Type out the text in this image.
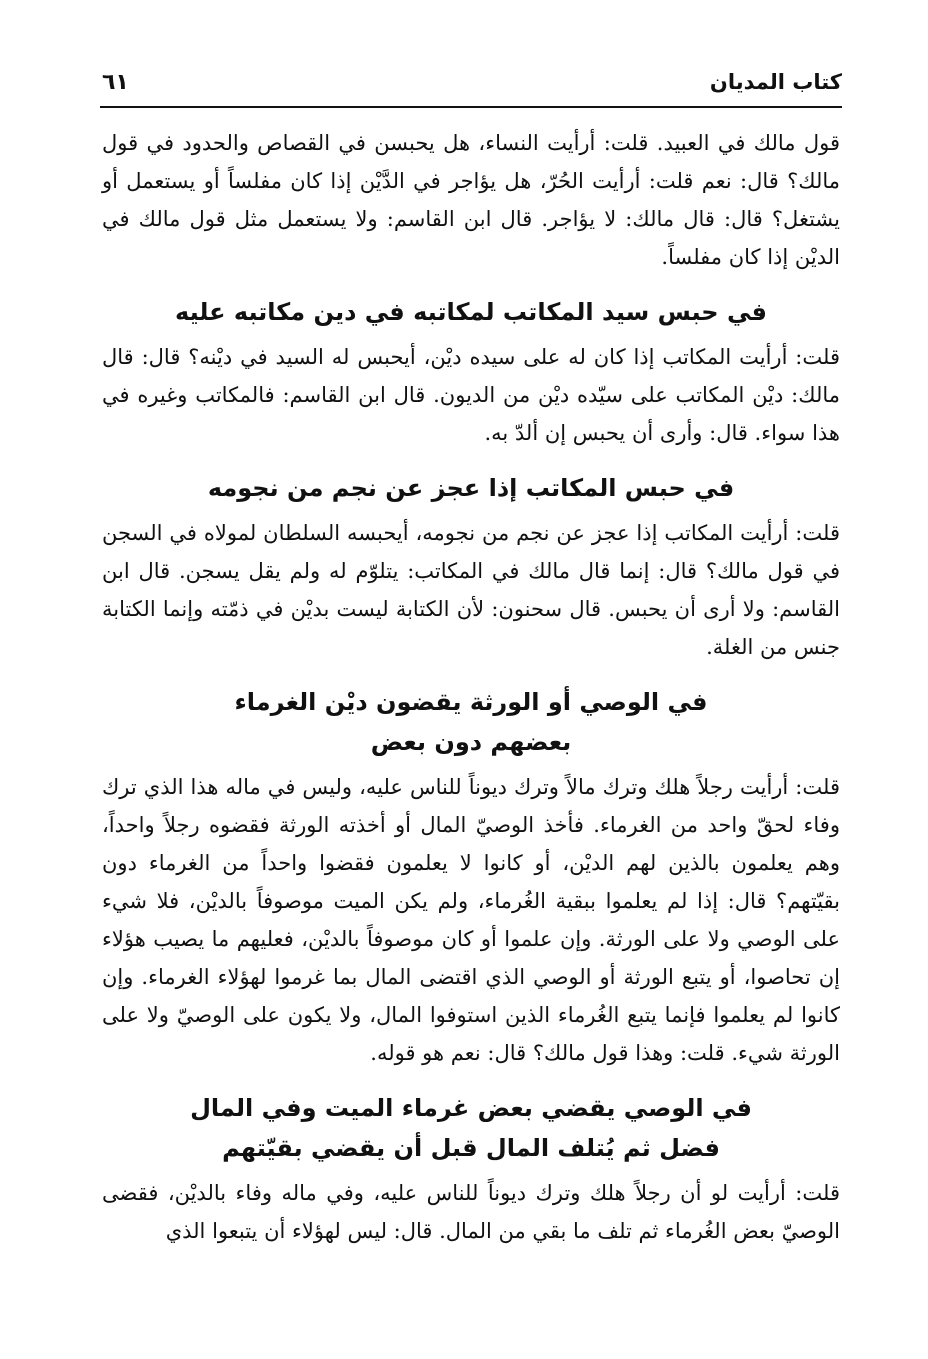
كتاب المديان
٦١

قول مالك في العبيد. قلت: أرأيت النساء، هل يحبسن في القصاص والحدود في قول مالك؟ قال: نعم قلت: أرأيت الحُرّ، هل يؤاجر في الدَّيْن إذا كان مفلساً أو يستعمل أو يشتغل؟ قال: قال مالك: لا يؤاجر. قال ابن القاسم: ولا يستعمل مثل قول مالك في الديْن إذا كان مفلساً.

في حبس سيد المكاتب لمكاتبه في دين مكاتبه عليه

قلت: أرأيت المكاتب إذا كان له على سيده ديْن، أيحبس له السيد في ديْنه؟ قال: قال مالك: ديْن المكاتب على سيّده ديْن من الديون. قال ابن القاسم: فالمكاتب وغيره في هذا سواء. قال: وأرى أن يحبس إن ألدّ به.

في حبس المكاتب إذا عجز عن نجم من نجومه

قلت: أرأيت المكاتب إذا عجز عن نجم من نجومه، أيحبسه السلطان لمولاه في السجن في قول مالك؟ قال: إنما قال مالك في المكاتب: يتلوّم له ولم يقل يسجن. قال ابن القاسم: ولا أرى أن يحبس. قال سحنون: لأن الكتابة ليست بديْن في ذمّته وإنما الكتابة جنس من الغلة.

في الوصي أو الورثة يقضون ديْن الغرماء
بعضهم دون بعض

قلت: أرأيت رجلاً هلك وترك مالاً وترك ديوناً للناس عليه، وليس في ماله هذا الذي ترك وفاء لحقّ واحد من الغرماء. فأخذ الوصيّ المال أو أخذته الورثة فقضوه رجلاً واحداً، وهم يعلمون بالذين لهم الديْن، أو كانوا لا يعلمون فقضوا واحداً من الغرماء دون بقيّتهم؟ قال: إذا لم يعلموا ببقية الغُرماء، ولم يكن الميت موصوفاً بالديْن، فلا شيء على الوصي ولا على الورثة. وإن علموا أو كان موصوفاً بالديْن، فعليهم ما يصيب هؤلاء إن تحاصوا، أو يتبع الورثة أو الوصي الذي اقتضى المال بما غرموا لهؤلاء الغرماء. وإن كانوا لم يعلموا فإنما يتبع الغُرماء الذين استوفوا المال، ولا يكون على الوصيّ ولا على الورثة شيء. قلت: وهذا قول مالك؟ قال: نعم هو قوله.

في الوصي يقضي بعض غرماء الميت وفي المال
فضل ثم يُتلف المال قبل أن يقضي بقيّتهم

قلت: أرأيت لو أن رجلاً هلك وترك ديوناً للناس عليه، وفي ماله وفاء بالديْن، فقضى الوصيّ بعض الغُرماء ثم تلف ما بقي من المال. قال: ليس لهؤلاء أن يتبعوا الذي
